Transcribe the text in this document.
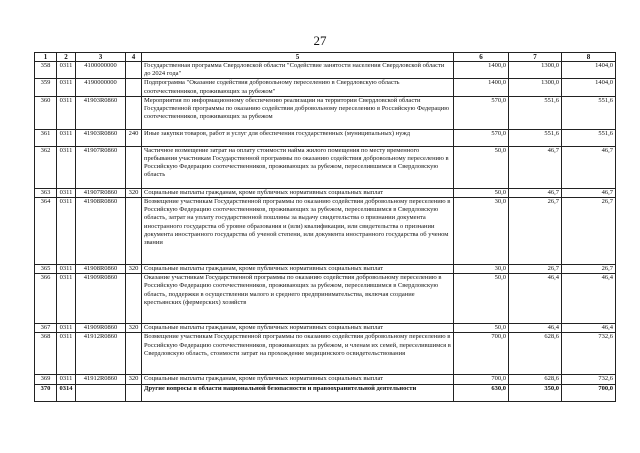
27
1	2	3	4	5	6	7	8
358	0311	4100000000		Государственная программа Свердловской области "Содействие занятости населения Свердловской области до 2024 года"	1400,0	1300,0	1404,0
359	0311	4190000000		Подпрограмма "Оказание содействия добровольному переселению в Свердловскую область соотечественников, проживающих за рубежом"	1400,0	1300,0	1404,0
360	0311	41903R0860		Мероприятия по информационному обеспечению реализации на территории Свердловской области Государственной программы по оказанию содействия добровольному переселению в Российскую Федерацию соотечественников, проживающих за рубежом	570,0	551,6	551,6
361	0311	41903R0860	240	Иные закупки товаров, работ и услуг для обеспечения государственных (муниципальных) нужд	570,0	551,6	551,6
362	0311	41907R0860		Частичное возмещение затрат на оплату стоимости найма жилого помещения по месту временного пребывания участникам Государственной программы по оказанию содействия добровольному переселению в Российскую Федерацию соотечественников, проживающих за рубежом, переселившимся в Свердловскую область	50,0	46,7	46,7
363	0311	41907R0860	320	Социальные выплаты гражданам, кроме публичных нормативных социальных выплат	50,0	46,7	46,7
364	0311	41908R0860		Возмещение участникам Государственной программы по оказанию содействия добровольному переселению в Российскую Федерацию соотечественников, проживающих за рубежом, переселившимся в Свердловскую область, затрат на уплату государственной пошлины за выдачу свидетельства о признании документа иностранного государства об уровне образования и (или) квалификации, или свидетельства о признании документа иностранного государства об ученой степени, или документа иностранного государства об ученом звании	30,0	26,7	26,7
365	0311	41908R0860	320	Социальные выплаты гражданам, кроме публичных нормативных социальных выплат	30,0	26,7	26,7
366	0311	41909R0860		Оказание участникам Государственной программы по оказанию содействия добровольному переселению в Российскую Федерацию соотечественников, проживающих за рубежом, переселившимся в Свердловскую область, поддержки в осуществлении малого и среднего предпринимательства, включая создание крестьянских (фермерских) хозяйств	50,0	46,4	46,4
367	0311	41909R0860	320	Социальные выплаты гражданам, кроме публичных нормативных социальных выплат	50,0	46,4	46,4
368	0311	41912R0860		Возмещение участникам Государственной программы по оказанию содействия добровольному переселению в Российскую Федерацию соотечественников, проживающих за рубежом, и членам их семей, переселившимся в Свердловскую область, стоимости затрат на прохождение медицинского освидетельствования	700,0	628,6	732,6
369	0311	41912R0860	320	Социальные выплаты гражданам, кроме публичных нормативных социальных выплат	700,0	628,6	732,6
370	0314			Другие вопросы в области национальной безопасности и правоохранительной деятельности	630,0	350,0	700,0
